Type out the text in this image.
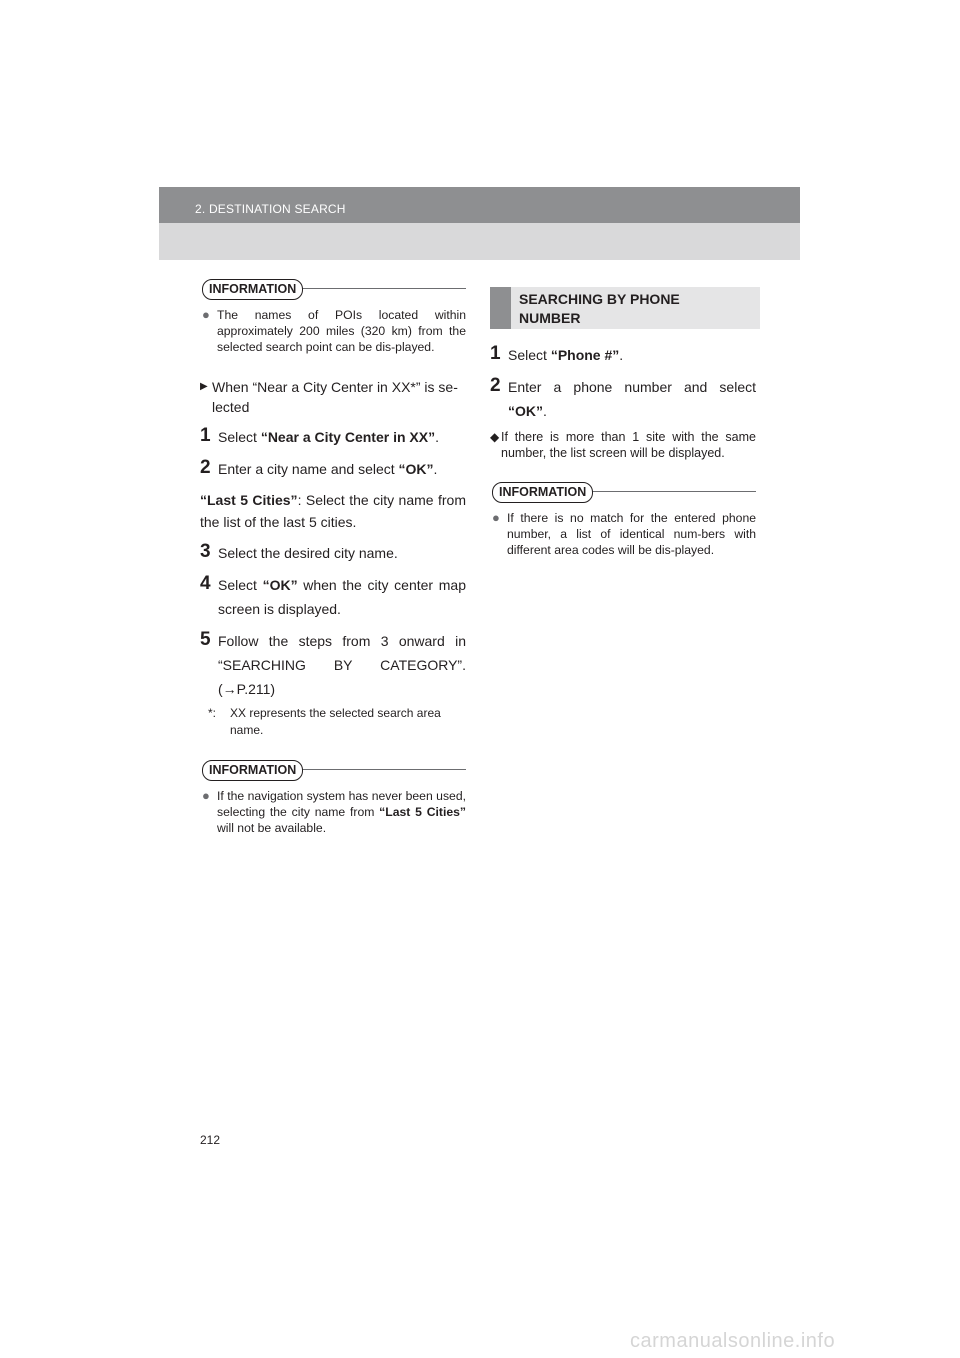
2. DESTINATION SEARCH
INFORMATION
● The names of POIs located within approximately 200 miles (320 km) from the selected search point can be dis-played.
▶ When “Near a City Center in XX*” is se-lected
1 Select “Near a City Center in XX”.
2 Enter a city name and select “OK”.
“Last 5 Cities”: Select the city name from the list of the last 5 cities.
3 Select the desired city name.
4 Select “OK” when the city center map screen is displayed.
5 Follow the steps from 3 onward in “SEARCHING BY CATEGORY”. (→P.211)
*:	XX represents the selected search area name.
INFORMATION
● If the navigation system has never been used, selecting the city name from “Last 5 Cities” will not be available.
SEARCHING BY PHONE
NUMBER
1 Select “Phone #”.
2 Enter a phone number and select “OK”.
◆ If there is more than 1 site with the same number, the list screen will be displayed.
INFORMATION
● If there is no match for the entered phone number, a list of identical num-bers with different area codes will be dis-played.
212
carmanualsonline.info
